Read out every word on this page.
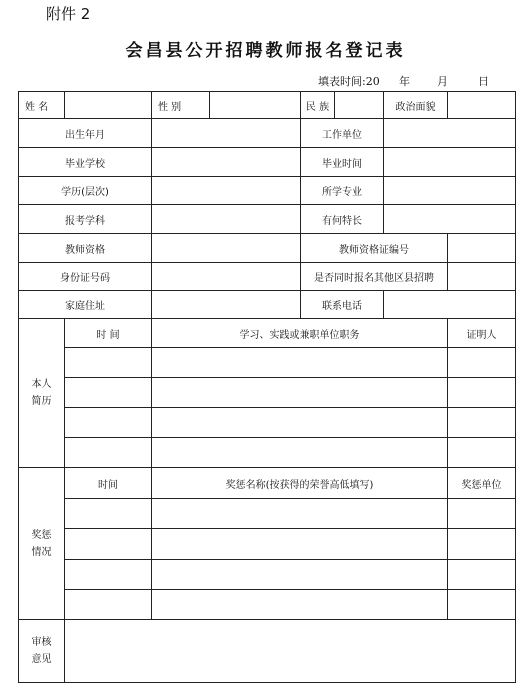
附件 2
会昌县公开招聘教师报名登记表
填表时间:20 年 月	日
姓 名		性 别		民 族		政治面貌	
出生年月				工作单位			
毕业学校				毕业时间			
学历(层次)				所学专业			
报考学科				有何特长			
教师资格				教师资格证编号			
身份证号码				是否同时报名其他区县招聘			
家庭住址				联系电话			

本人
简历	时 间	学习、实践或兼职单位职务					证明人

奖惩
情况	时间	奖惩名称(按获得的荣誉高低填写)					奖惩单位

审核
意见							
